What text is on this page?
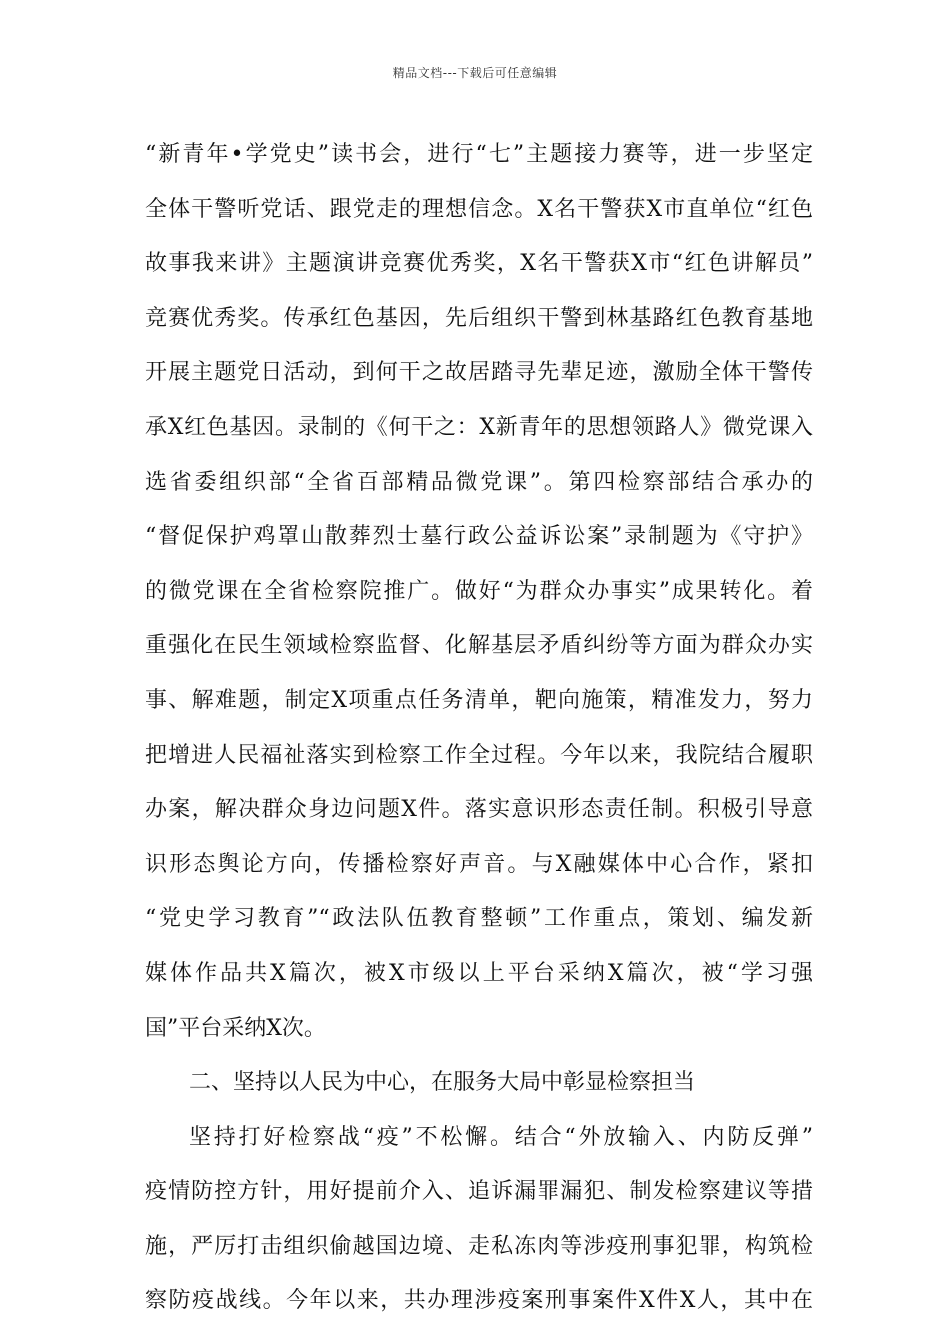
精品文档---下载后可任意编辑
“新青年•学党史”读书会，进行“七”主题接力赛等，进一步坚定
全体干警听党话、跟党走的理想信念。X名干警获X市直单位“红色
故事我来讲》主题演讲竞赛优秀奖，X名干警获X市“红色讲解员”
竞赛优秀奖。传承红色基因，先后组织干警到林基路红色教育基地
开展主题党日活动，到何干之故居踏寻先辈足迹，激励全体干警传
承X红色基因。录制的《何干之：X新青年的思想领路人》微党课入
选省委组织部“全省百部精品微党课”。第四检察部结合承办的
“督促保护鸡罩山散葬烈士墓行政公益诉讼案”录制题为《守护》
的微党课在全省检察院推广。做好“为群众办事实”成果转化。着
重强化在民生领域检察监督、化解基层矛盾纠纷等方面为群众办实
事、解难题，制定X项重点任务清单，靶向施策，精准发力，努力
把增进人民福祉落实到检察工作全过程。今年以来，我院结合履职
办案，解决群众身边问题X件。落实意识形态责任制。积极引导意
识形态舆论方向，传播检察好声音。与X融媒体中心合作，紧扣
“党史学习教育”“政法队伍教育整顿”工作重点，策划、编发新
媒体作品共X篇次，被X市级以上平台采纳X篇次，被“学习强
国”平台采纳X次。
二、坚持以人民为中心，在服务大局中彰显检察担当
坚持打好检察战“疫”不松懈。结合“外放输入、内防反弹”
疫情防控方针，用好提前介入、追诉漏罪漏犯、制发检察建议等措
施，严厉打击组织偷越国边境、走私冻肉等涉疫刑事犯罪，构筑检
察防疫战线。今年以来，共办理涉疫案刑事案件X件X人，其中在
